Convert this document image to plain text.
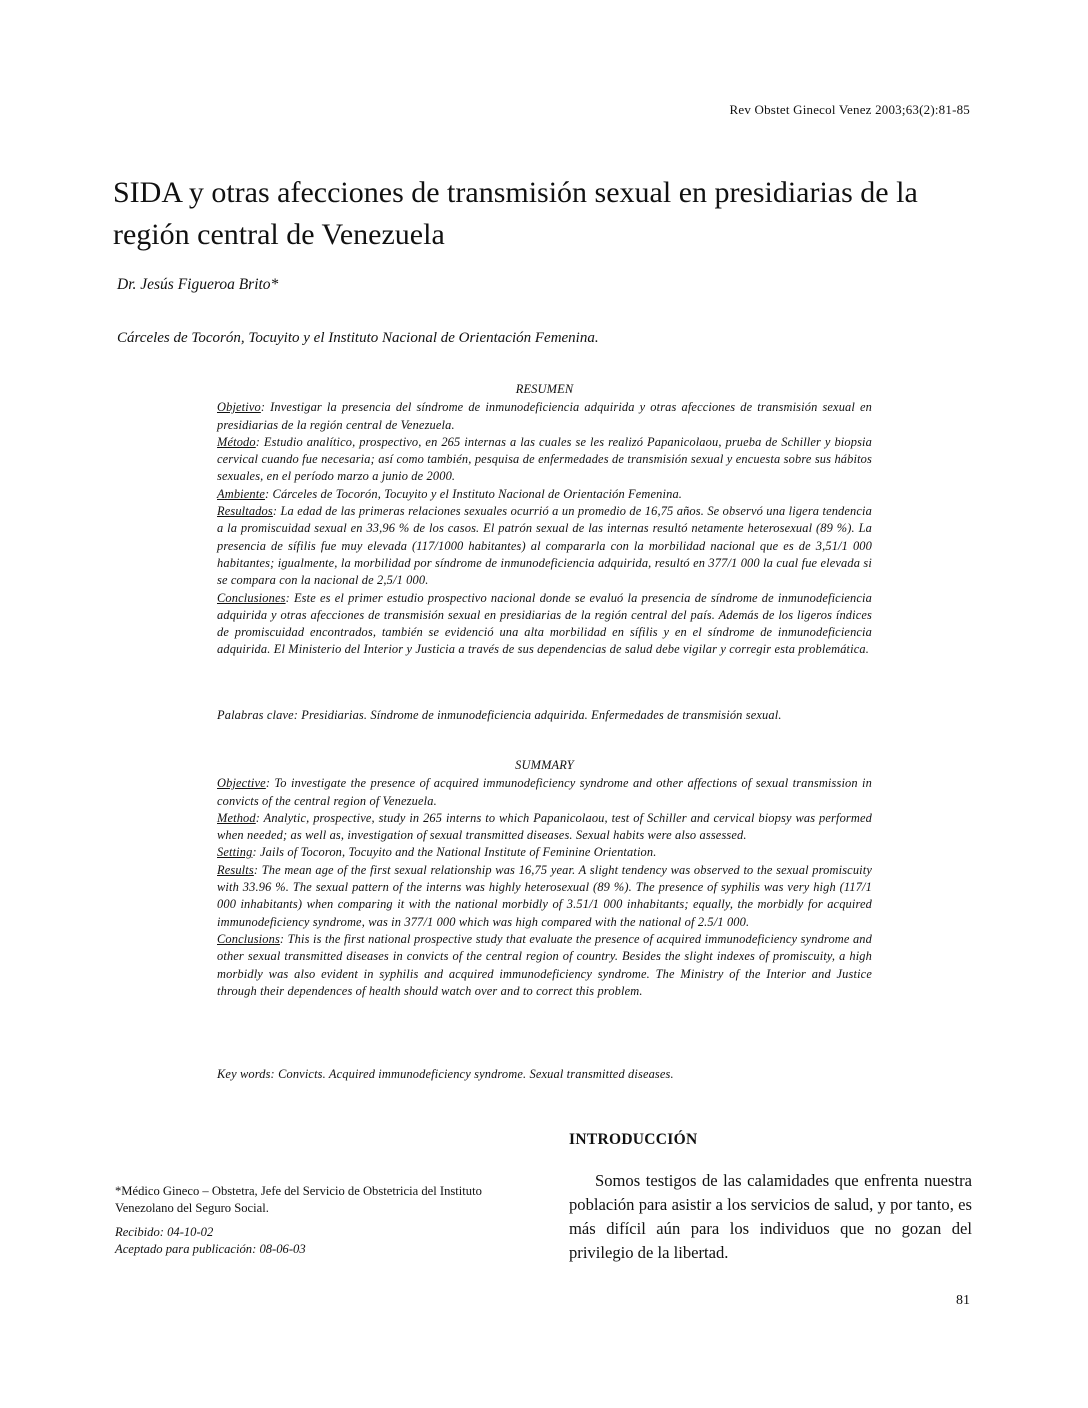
Rev Obstet Ginecol Venez 2003;63(2):81-85
SIDA y otras afecciones de transmisión sexual en presidiarias de la región central de Venezuela
Dr. Jesús Figueroa Brito*
Cárceles de Tocorón, Tocuyito y el Instituto Nacional de Orientación Femenina.

RESUMEN

Objetivo: Investigar la presencia del síndrome de inmunodeficiencia adquirida y otras afecciones de transmisión sexual en presidiarias de la región central de Venezuela.

Método: Estudio analítico, prospectivo, en 265 internas a las cuales se les realizó Papanicolaou, prueba de Schiller y biopsia cervical cuando fue necesaria; así como también, pesquisa de enfermedades de transmisión sexual y encuesta sobre sus hábitos sexuales, en el período marzo a junio de 2000.

Ambiente: Cárceles de Tocorón, Tocuyito y el Instituto Nacional de Orientación Femenina.

Resultados: La edad de las primeras relaciones sexuales ocurrió a un promedio de 16,75 años. Se observó una ligera tendencia a la promiscuidad sexual en 33,96 % de los casos. El patrón sexual de las internas resultó netamente heterosexual (89 %). La presencia de sífilis fue muy elevada (117/1000 habitantes) al compararla con la morbilidad nacional que es de 3,51/1 000 habitantes; igualmente, la morbilidad por síndrome de inmunodeficiencia adquirida, resultó en 377/1 000 la cual fue elevada si se compara con la nacional de 2,5/1 000.

Conclusiones: Este es el primer estudio prospectivo nacional donde se evaluó la presencia de síndrome de inmunodeficiencia adquirida y otras afecciones de transmisión sexual en presidiarias de la región central del país. Además de los ligeros índices de promiscuidad encontrados, también se evidenció una alta morbilidad en sífilis y en el síndrome de inmunodeficiencia adquirida. El Ministerio del Interior y Justicia a través de sus dependencias de salud debe vigilar y corregir esta problemática.

Palabras clave: Presidiarias. Síndrome de inmunodeficiencia adquirida. Enfermedades de transmisión sexual.

SUMMARY

Objective: To investigate the presence of acquired immunodeficiency syndrome and other affections of sexual transmission in convicts of the central region of Venezuela.

Method: Analytic, prospective, study in 265 interns to which Papanicolaou, test of Schiller and cervical biopsy was performed when needed; as well as, investigation of sexual transmitted diseases. Sexual habits were also assessed.

Setting: Jails of Tocoron, Tocuyito and the National Institute of Feminine Orientation.

Results: The mean age of the first sexual relationship was 16,75 year. A slight tendency was observed to the sexual promiscuity with 33.96 %. The sexual pattern of the interns was highly heterosexual (89 %). The presence of syphilis was very high (117/1 000 inhabitants) when comparing it with the national morbidly of 3.51/1 000 inhabitants; equally, the morbidly for acquired immunodeficiency syndrome, was in 377/1 000 which was high compared with the national of 2.5/1 000.

Conclusions: This is the first national prospective study that evaluate the presence of acquired immunodeficiency syndrome and other sexual transmitted diseases in convicts of the central region of country. Besides the slight indexes of promiscuity, a high morbidly was also evident in syphilis and acquired immunodeficiency syndrome. The Ministry of the Interior and Justice through their dependences of health should watch over and to correct this problem.

Key words: Convicts. Acquired immunodeficiency syndrome. Sexual transmitted diseases.

*Médico Gineco – Obstetra, Jefe del Servicio de Obstetricia del Instituto Venezolano del Seguro Social.

Recibido: 04-10-02

Aceptado para publicación: 08-06-03

INTRODUCCIÓN

Somos testigos de las calamidades que enfrenta nuestra población para asistir a los servicios de salud, y por tanto, es más difícil aún para los individuos que no gozan del privilegio de la libertad.

81
